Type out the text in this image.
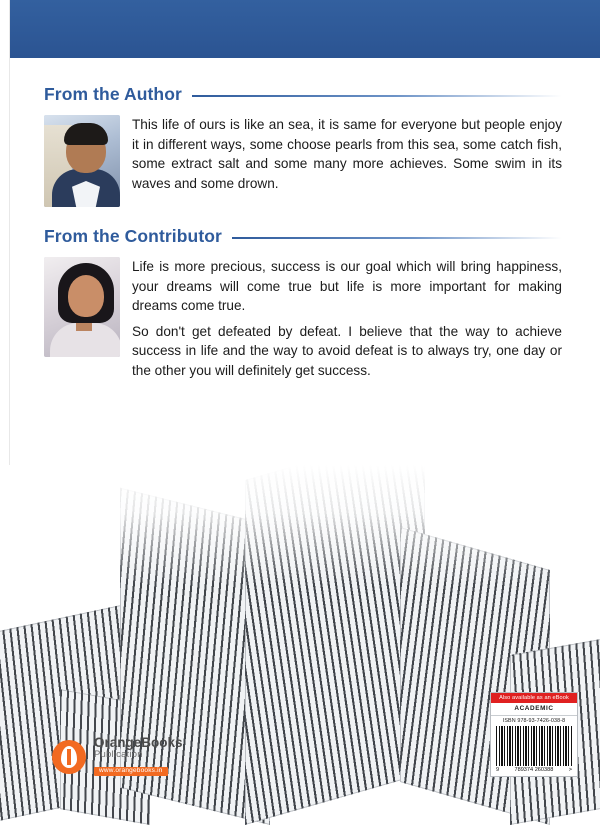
From the Author

This life of ours is like an sea, it is same for everyone but people enjoy it in different ways, some choose pearls from this sea, some catch fish, some extract salt and some many more achieves. Some swim in its waves and some drown.

From the Contributor

Life is more precious, success is our goal which will bring happiness, your dreams will come true but life is more important for making dreams come true.

So don't get defeated by defeat. I believe that the way to achieve success in life and the way to avoid defeat is to always try, one day or the other you will definitely get success.

OrangeBooks
Publication
www.orangebooks.in
Also available as an eBook
ACADEMIC
ISBN 978-93-7426-038-8
9	789374 260388	>
